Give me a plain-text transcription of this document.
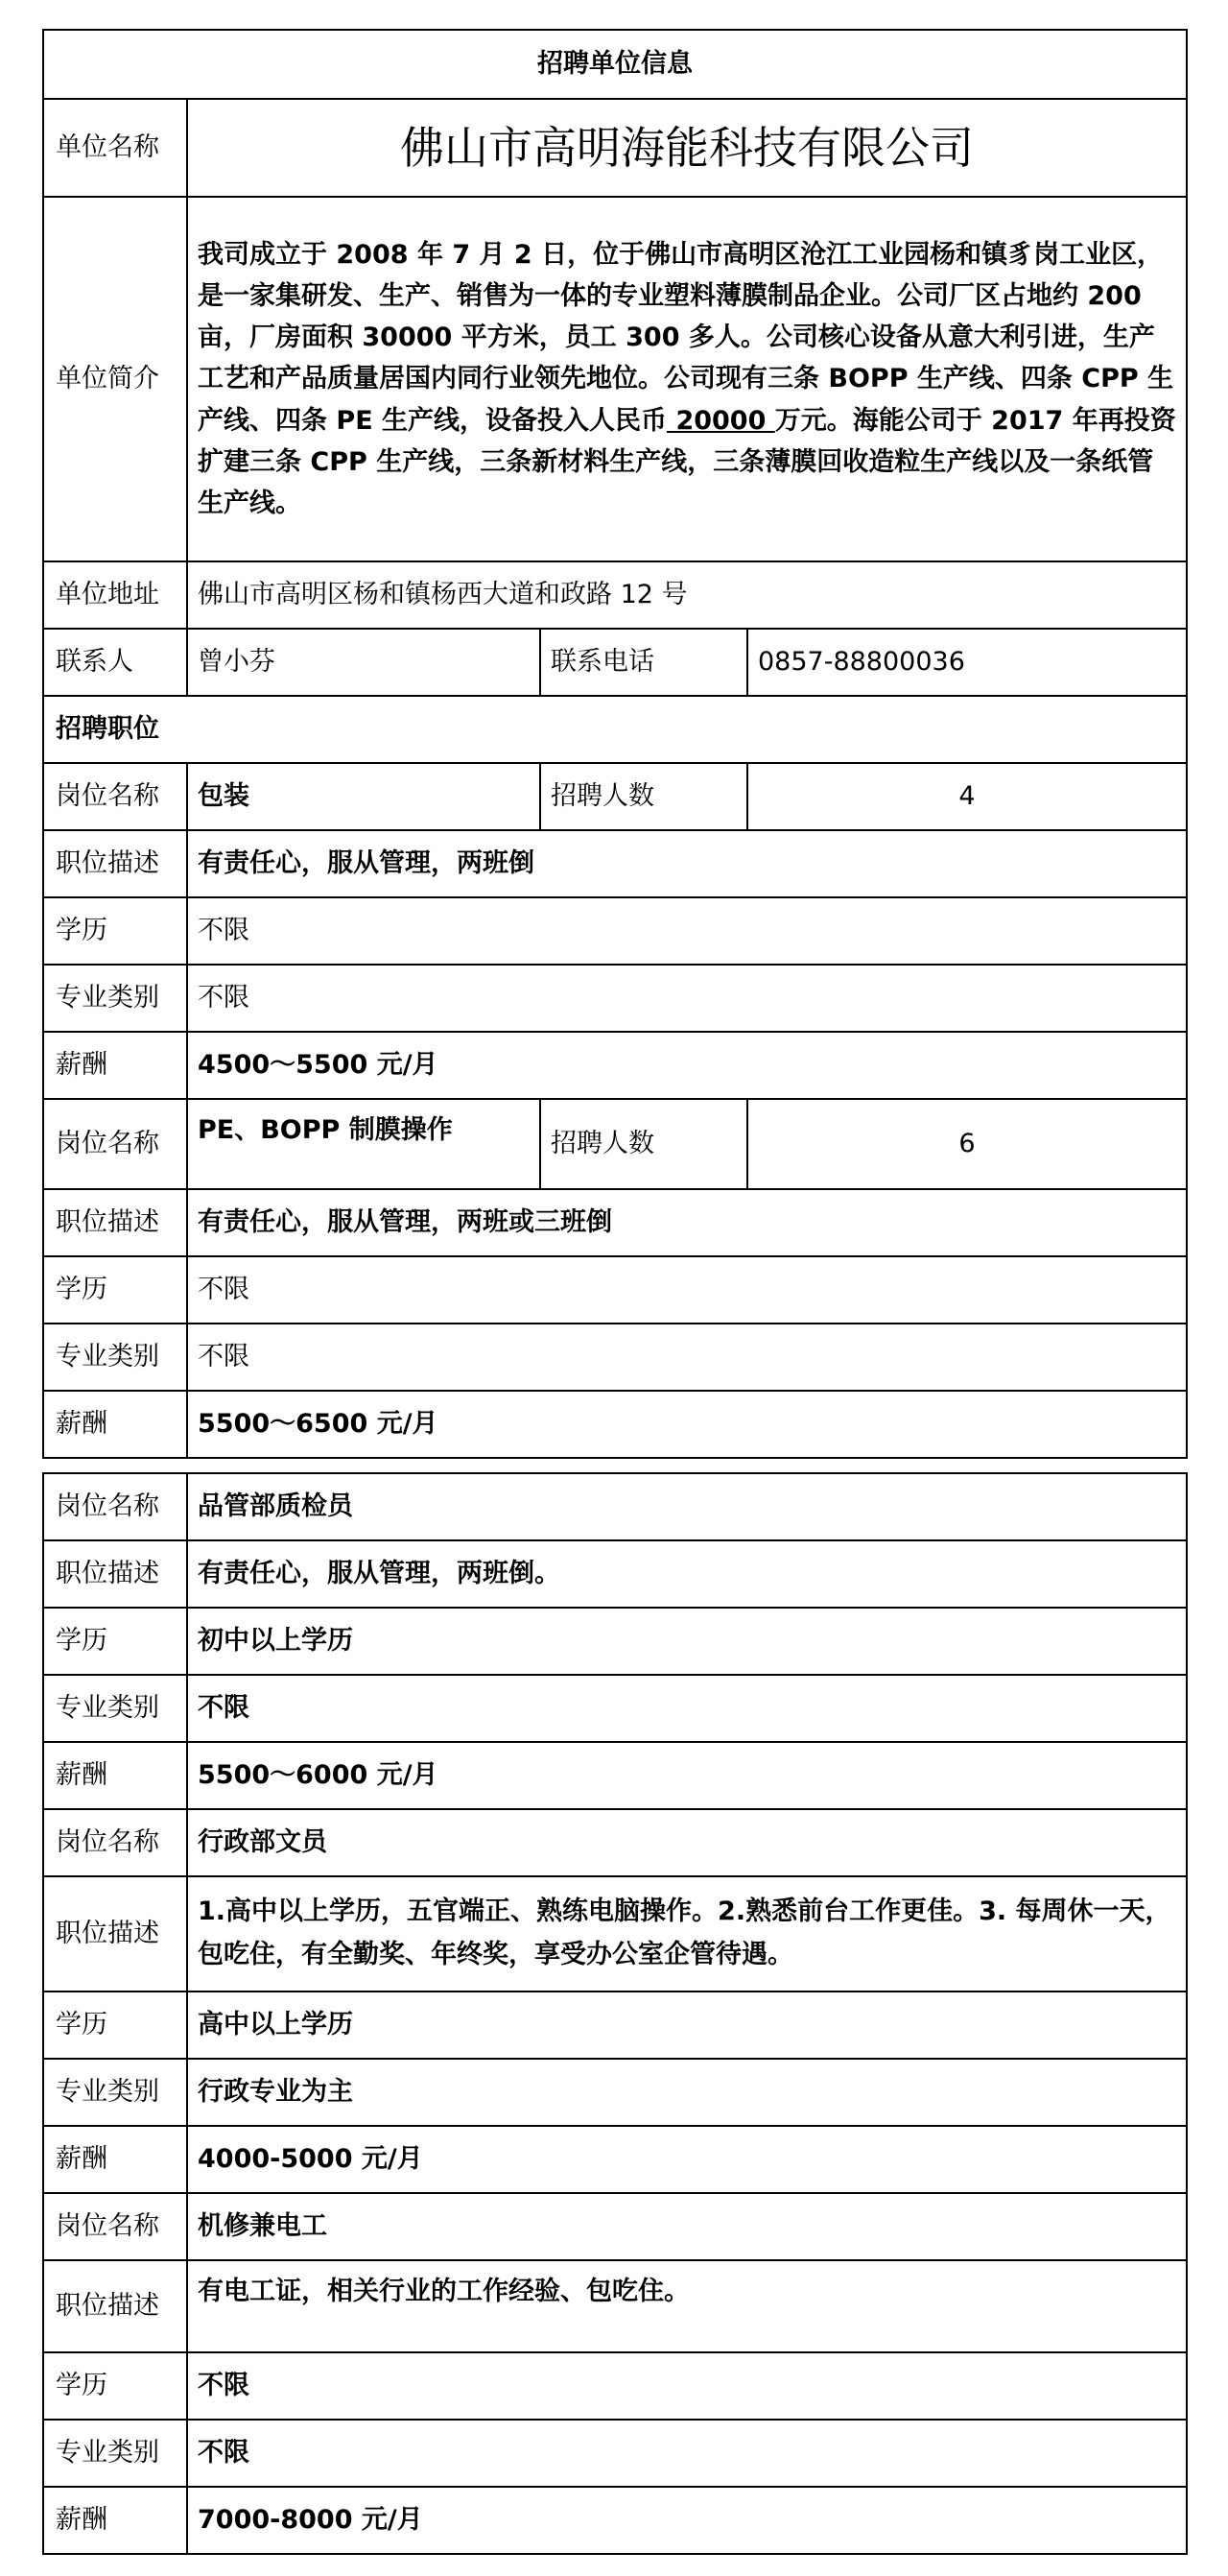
招聘单位信息			
单位名称	佛山市高明海能科技有限公司		
单位简介	我司成立于 2008 年 7 月 2 日，位于佛山市高明区沧江工业园杨和镇豸岗工业区，是一家集研发、生产、销售为一体的专业塑料薄膜制品企业。公司厂区占地约 200 亩，厂房面积 30000 平方米，员工 300 多人。公司核心设备从意大利引进，生产工艺和产品质量居国内同行业领先地位。公司现有三条 BOPP 生产线、四条 CPP 生产线、四条 PE 生产线，设备投入人民币 20000 万元。海能公司于 2017 年再投资扩建三条 CPP 生产线，三条新材料生产线，三条薄膜回收造粒生产线以及一条纸管生产线。		
单位地址	佛山市高明区杨和镇杨西大道和政路 12 号		
联系人	曾小芬	联系电话	0857-88800036
招聘职位			
岗位名称	包装	招聘人数	4
职位描述	有责任心，服从管理，两班倒		
学历	不限		
专业类别	不限		
薪酬	4500～5500 元/月		
岗位名称	PE、BOPP 制膜操作	招聘人数	6
职位描述	有责任心，服从管理，两班或三班倒		
学历	不限		
专业类别	不限		
薪酬	5500～6500 元/月		
岗位名称	品管部质检员
职位描述	有责任心，服从管理，两班倒。
学历	初中以上学历
专业类别	不限
薪酬	5500～6000 元/月
岗位名称	行政部文员
职位描述	1.高中以上学历，五官端正、熟练电脑操作。2.熟悉前台工作更佳。3. 每周休一天，包吃住，有全勤奖、年终奖，享受办公室企管待遇。
学历	高中以上学历
专业类别	行政专业为主
薪酬	4000-5000 元/月
岗位名称	机修兼电工
职位描述	有电工证，相关行业的工作经验、包吃住。
学历	不限
专业类别	不限
薪酬	7000-8000 元/月
